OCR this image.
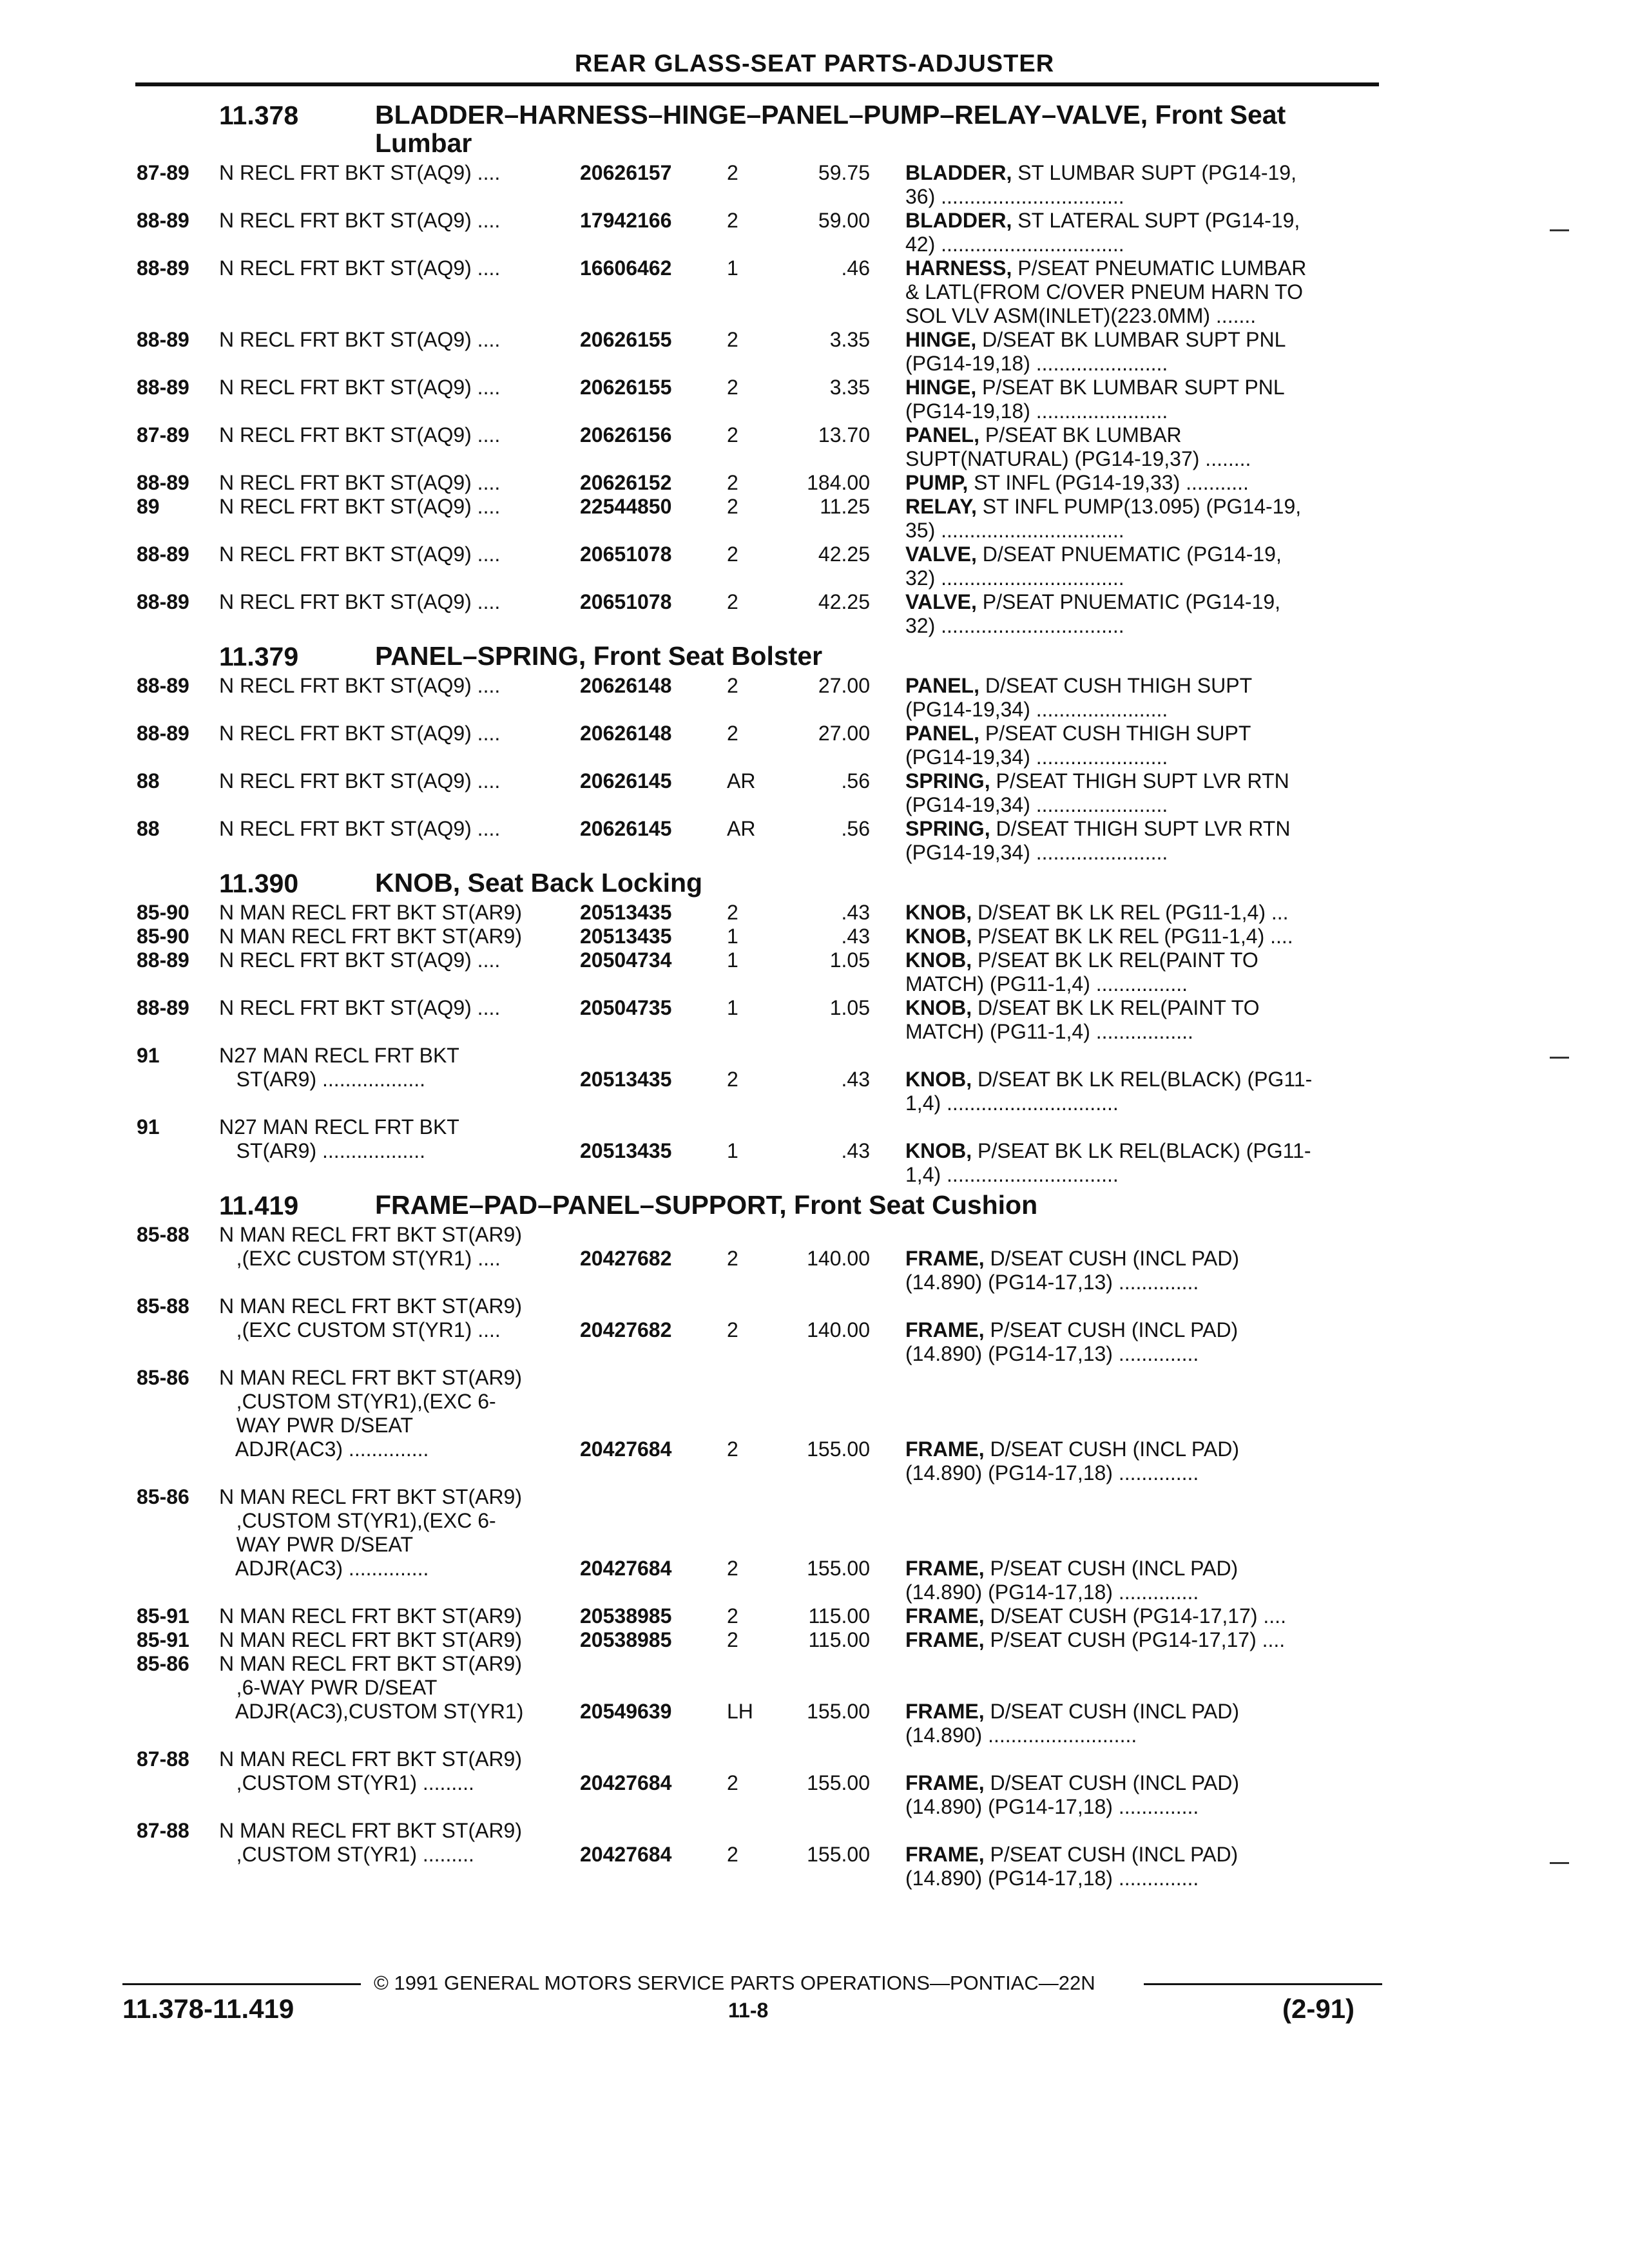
REAR GLASS-SEAT PARTS-ADJUSTER
11.378	BLADDER–HARNESS–HINGE–PANEL–PUMP–RELAY–VALVE, Front Seat Lumbar
87-89 N RECL FRT BKT ST(AQ9) ....	20626157	2	59.75 BLADDER, ST LUMBAR SUPT (PG14-19,
36) ................................
88-89 N RECL FRT BKT ST(AQ9) ....	17942166	2	59.00 BLADDER, ST LATERAL SUPT (PG14-19,
42) ................................
88-89 N RECL FRT BKT ST(AQ9) ....	16606462	1	.46 HARNESS, P/SEAT PNEUMATIC LUMBAR
& LATL(FROM C/OVER PNEUM HARN TO
SOL VLV ASM(INLET)(223.0MM) .......
88-89 N RECL FRT BKT ST(AQ9) ....	20626155	2	3.35 HINGE, D/SEAT BK LUMBAR SUPT PNL
(PG14-19,18) .......................
88-89 N RECL FRT BKT ST(AQ9) ....	20626155	2	3.35 HINGE, P/SEAT BK LUMBAR SUPT PNL
(PG14-19,18) .......................
87-89 N RECL FRT BKT ST(AQ9) ....	20626156	2	13.70 PANEL, P/SEAT BK LUMBAR
SUPT(NATURAL) (PG14-19,37) ........
88-89 N RECL FRT BKT ST(AQ9) ....	20626152	2	184.00 PUMP, ST INFL (PG14-19,33) ...........
89	N RECL FRT BKT ST(AQ9) ....	22544850	2	11.25 RELAY, ST INFL PUMP(13.095) (PG14-19,
35) ................................
88-89 N RECL FRT BKT ST(AQ9) ....	20651078	2	42.25 VALVE, D/SEAT PNUEMATIC (PG14-19,
32) ................................
88-89 N RECL FRT BKT ST(AQ9) ....	20651078	2	42.25 VALVE, P/SEAT PNUEMATIC (PG14-19,
32) ................................
11.379	PANEL–SPRING, Front Seat Bolster
88-89 N RECL FRT BKT ST(AQ9) ....	20626148	2	27.00 PANEL, D/SEAT CUSH THIGH SUPT
(PG14-19,34) .......................
88-89 N RECL FRT BKT ST(AQ9) ....	20626148	2	27.00 PANEL, P/SEAT CUSH THIGH SUPT
(PG14-19,34) .......................
88	N RECL FRT BKT ST(AQ9) ....	20626145	AR	.56 SPRING, P/SEAT THIGH SUPT LVR RTN
(PG14-19,34) .......................
88	N RECL FRT BKT ST(AQ9) ....	20626145	AR	.56 SPRING, D/SEAT THIGH SUPT LVR RTN
(PG14-19,34) .......................
11.390	KNOB, Seat Back Locking
85-90 N MAN RECL FRT BKT ST(AR9)	20513435	2	.43 KNOB, D/SEAT BK LK REL (PG11-1,4) ...
85-90 N MAN RECL FRT BKT ST(AR9)	20513435	1	.43 KNOB, P/SEAT BK LK REL (PG11-1,4) ....
88-89 N RECL FRT BKT ST(AQ9) ....	20504734	1	1.05 KNOB, P/SEAT BK LK REL(PAINT TO
MATCH) (PG11-1,4) ................
88-89 N RECL FRT BKT ST(AQ9) ....	20504735	1	1.05 KNOB, D/SEAT BK LK REL(PAINT TO
MATCH) (PG11-1,4) .................
91	N27 MAN RECL FRT BKT
ST(AR9) ..................	20513435	2	.43 KNOB, D/SEAT BK LK REL(BLACK) (PG11-
1,4) ..............................
91	N27 MAN RECL FRT BKT
ST(AR9) ..................	20513435	1	.43 KNOB, P/SEAT BK LK REL(BLACK) (PG11-
1,4) ..............................
11.419	FRAME–PAD–PANEL–SUPPORT, Front Seat Cushion
85-88 N MAN RECL FRT BKT ST(AR9)
,(EXC CUSTOM ST(YR1) ....	20427682	2	140.00 FRAME, D/SEAT CUSH (INCL PAD)
(14.890) (PG14-17,13) ..............
85-88 N MAN RECL FRT BKT ST(AR9)
,(EXC CUSTOM ST(YR1) ....	20427682	2	140.00 FRAME, P/SEAT CUSH (INCL PAD)
(14.890) (PG14-17,13) ..............
85-86 N MAN RECL FRT BKT ST(AR9)
,CUSTOM ST(YR1),(EXC 6-
WAY PWR D/SEAT
ADJR(AC3) ..............	20427684	2	155.00 FRAME, D/SEAT CUSH (INCL PAD)
(14.890) (PG14-17,18) ..............
85-86 N MAN RECL FRT BKT ST(AR9)
,CUSTOM ST(YR1),(EXC 6-
WAY PWR D/SEAT
ADJR(AC3) ..............	20427684	2	155.00 FRAME, P/SEAT CUSH (INCL PAD)
(14.890) (PG14-17,18) ..............
85-91 N MAN RECL FRT BKT ST(AR9)	20538985	2	115.00 FRAME, D/SEAT CUSH (PG14-17,17) ....
85-91 N MAN RECL FRT BKT ST(AR9)	20538985	2	115.00 FRAME, P/SEAT CUSH (PG14-17,17) ....
85-86 N MAN RECL FRT BKT ST(AR9)
,6-WAY PWR D/SEAT
ADJR(AC3),CUSTOM ST(YR1)	20549639	LH	155.00 FRAME, D/SEAT CUSH (INCL PAD)
(14.890) ..........................
87-88 N MAN RECL FRT BKT ST(AR9)
,CUSTOM ST(YR1) .........	20427684	2	155.00 FRAME, D/SEAT CUSH (INCL PAD)
(14.890) (PG14-17,18) ..............
87-88 N MAN RECL FRT BKT ST(AR9)
,CUSTOM ST(YR1) .........	20427684	2	155.00 FRAME, P/SEAT CUSH (INCL PAD)
(14.890) (PG14-17,18) ..............
© 1991 GENERAL MOTORS SERVICE PARTS OPERATIONS—PONTIAC—22N
11.378-11.419	11-8	(2-91)
